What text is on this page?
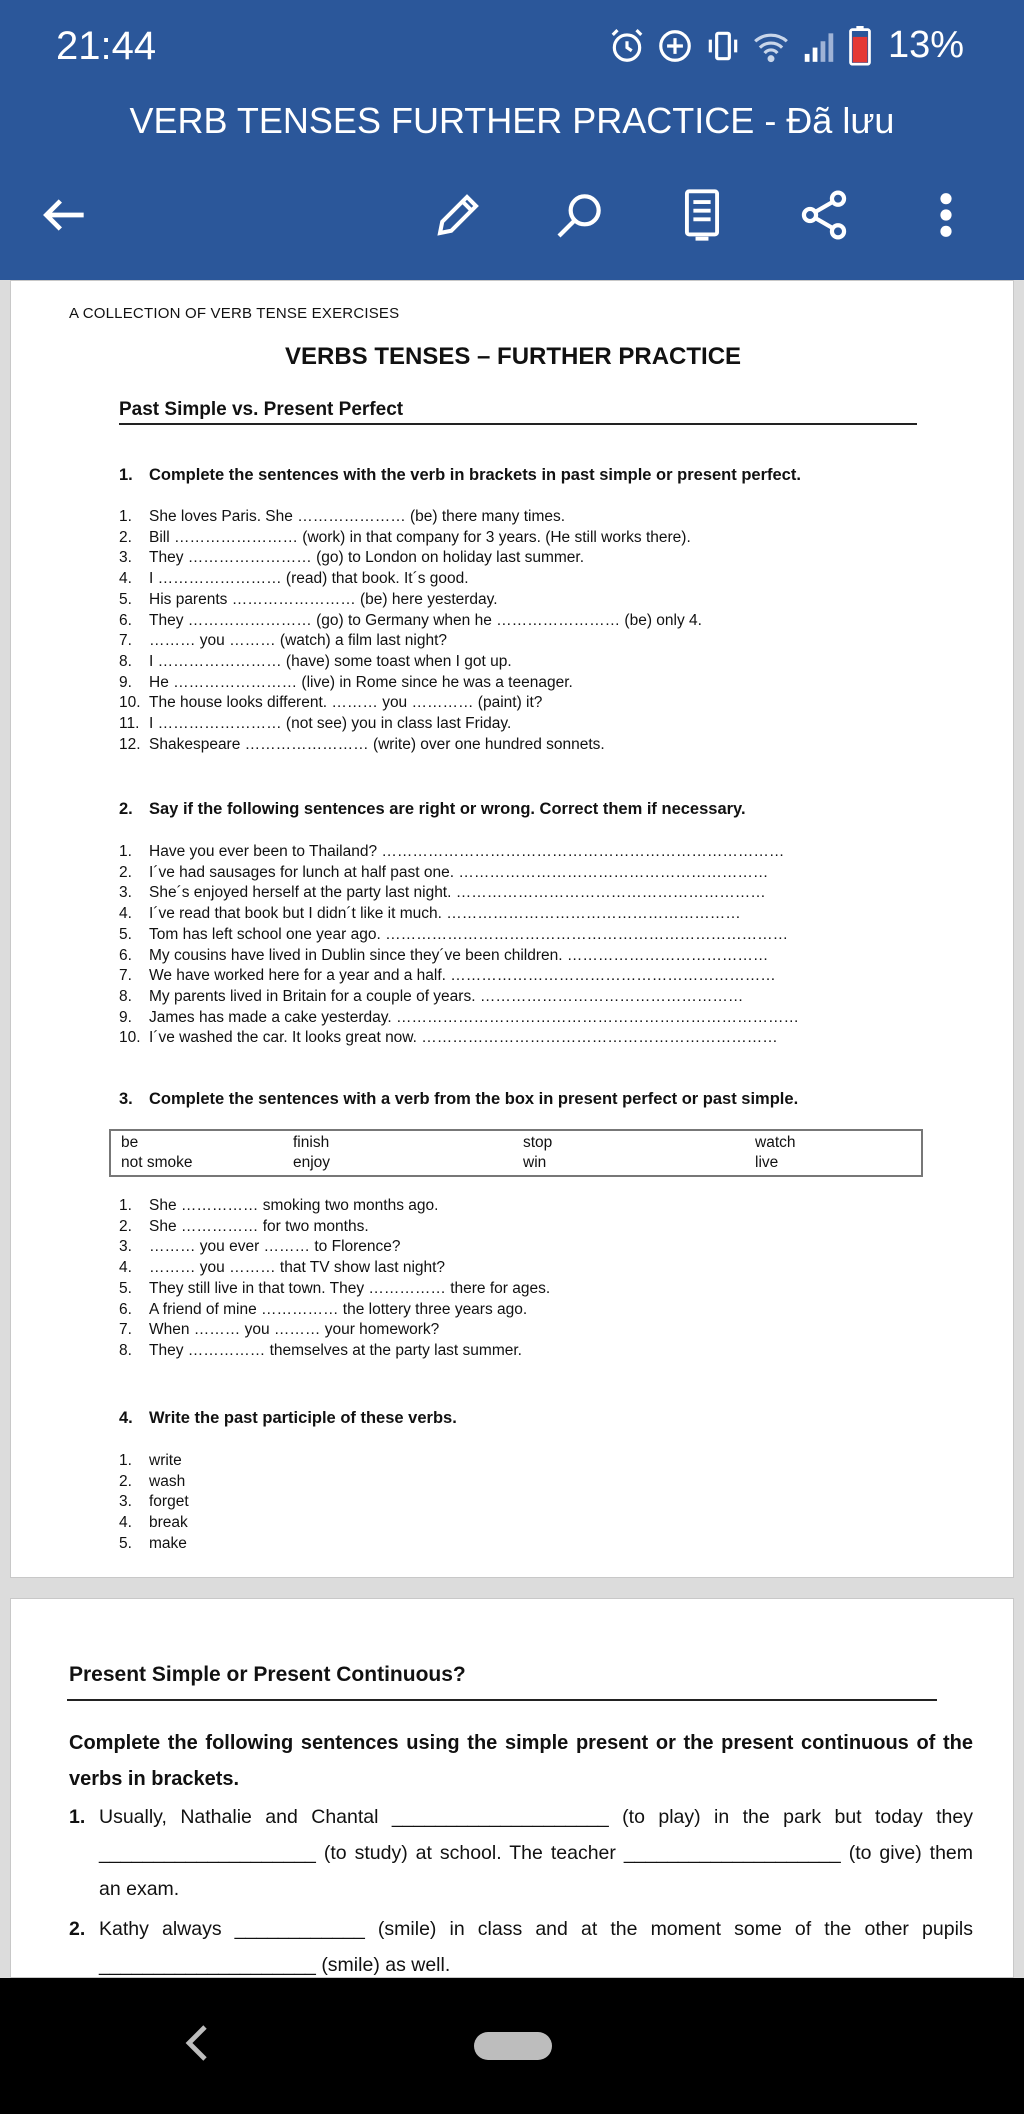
21:44	13%
VERB TENSES FURTHER PRACTICE - Đã lưu
A COLLECTION OF VERB TENSE EXERCISES
VERBS TENSES – FURTHER PRACTICE
Past Simple vs. Present Perfect
1. Complete the sentences with the verb in brackets in past simple or present perfect.
1.	She loves Paris. She ………………… (be) there many times.
2.	Bill …………………… (work) in that company for 3 years. (He still works there).
3.	They …………………… (go) to London on holiday last summer.
4.	I …………………… (read) that book. It´s good.
5.	His parents …………………… (be) here yesterday.
6.	They …………………… (go) to Germany when he …………………… (be) only 4.
7.	……… you ……… (watch) a film last night?
8.	I …………………… (have) some toast when I got up.
9.	He …………………… (live) in Rome since he was a teenager.
10. The house looks different. ……… you ………… (paint) it?
11. I …………………… (not see) you in class last Friday.
12. Shakespeare …………………… (write) over one hundred sonnets.
2. Say if the following sentences are right or wrong. Correct them if necessary.
1.	Have you ever been to Thailand? ……………………………………………………………………
2.	I´ve had sausages for lunch at half past one. ……………………………………………………
3.	She´s enjoyed herself at the party last night. ……………………………………………………
4.	I´ve read that book but I didn´t like it much. …………………………………………………
5.	Tom has left school one year ago. ……………………………………………………………………
6.	My cousins have lived in Dublin since they´ve been children. …………………………………
7.	We have worked here for a year and a half. ………………………………………………………
8.	My parents lived in Britain for a couple of years. ……………………………………………
9.	James has made a cake yesterday. ……………………………………………………………………
10. I´ve washed the car. It looks great now. ……………………………………………………………
3. Complete the sentences with a verb from the box in present perfect or past simple.
be	finish	stop	watch
not smoke	enjoy	win	live
1.	She …………… smoking two months ago.
2.	She …………… for two months.
3.	……… you ever ……… to Florence?
4.	……… you ……… that TV show last night?
5.	They still live in that town. They …………… there for ages.
6.	A friend of mine …………… the lottery three years ago.
7.	When ……… you ……… your homework?
8.	They …………… themselves at the party last summer.
4. Write the past participle of these verbs.
1.	write
2.	wash
3.	forget
4.	break
5.	make
Present Simple or Present Continuous?
Complete the following sentences using the simple present or the present continuous of the verbs in brackets.
1. Usually, Nathalie and Chantal ____________________ (to play) in the park but today they ____________________ (to study) at school. The teacher ____________________ (to give) them an exam.
2. Kathy always ____________ (smile) in class and at the moment some of the other pupils ____________________ (smile) as well.
